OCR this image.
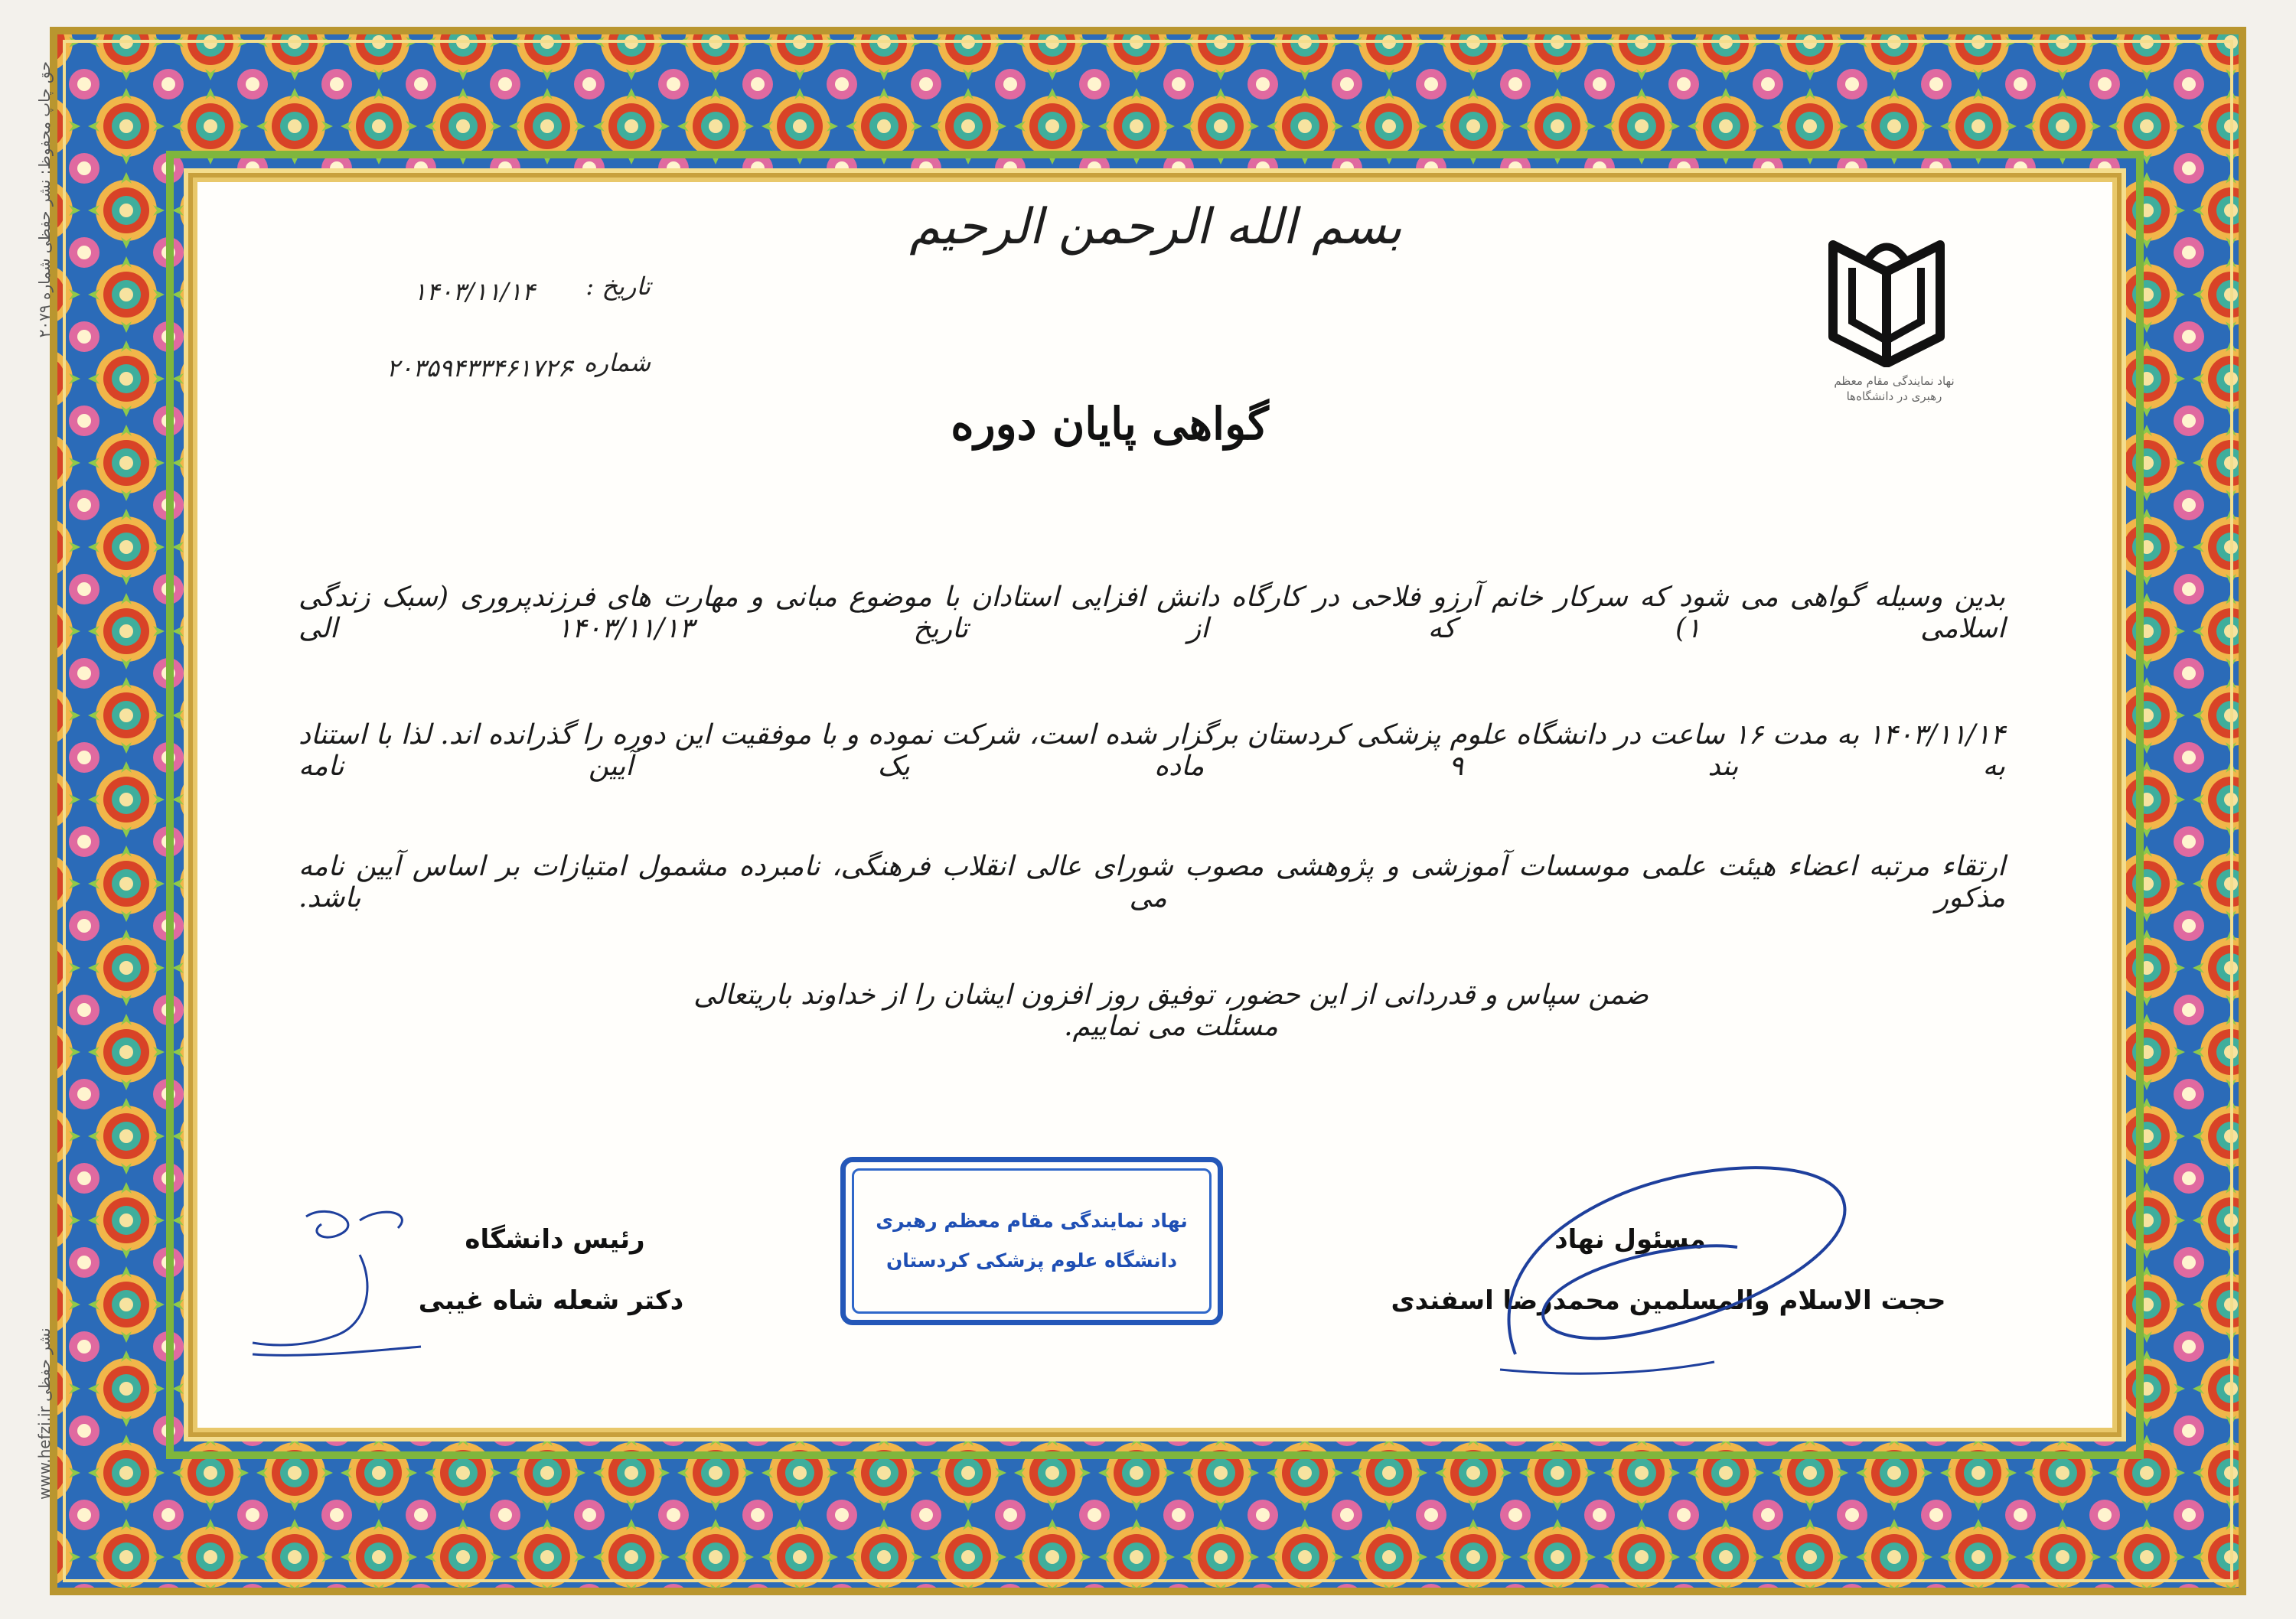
بسم الله الرحمن الرحيم
نهاد نمایندگی مقام معظم رهبری در دانشگاه‌ها
تاریخ :
۱۴۰۳/۱۱/۱۴
شماره :
۲۰۳۵۹۴۳۳۴۶۱۷۲۶
گواهی پایان دوره
بدین وسیله گواهی می شود که سرکار خانم آرزو فلاحی در کارگاه دانش افزایی استادان با موضوع مبانی و مهارت های فرزندپروری (سبک زندگی اسلامی ۱) که از تاریخ ۱۴۰۳/۱۱/۱۳ الی
۱۴۰۳/۱۱/۱۴ به مدت ۱۶ ساعت در دانشگاه علوم پزشکی کردستان برگزار شده است، شرکت نموده و با موفقیت این دوره را گذرانده اند. لذا با استناد به بند ۹ ماده یک آیین نامه
ارتقاء مرتبه اعضاء هیئت علمی موسسات آموزشی و پژوهشی مصوب شورای عالی انقلاب فرهنگی، نامبرده مشمول امتیازات بر اساس آیین نامه مذکور می باشد.
ضمن سپاس و قدردانی از این حضور، توفیق روز افزون ایشان را از خداوند باریتعالی مسئلت می نماییم.
نهاد نمایندگی مقام معظم رهبری
دانشگاه علوم پزشکی کردستان
مسئول نهاد
حجت الاسلام والمسلمین محمدرضا اسفندی
رئیس دانشگاه
دکتر شعله شاه غیبی
حق چاپ محفوظ: نشر حفظی شماره ۲۰۷۹
www.hefzi.ir نشر حفظی
